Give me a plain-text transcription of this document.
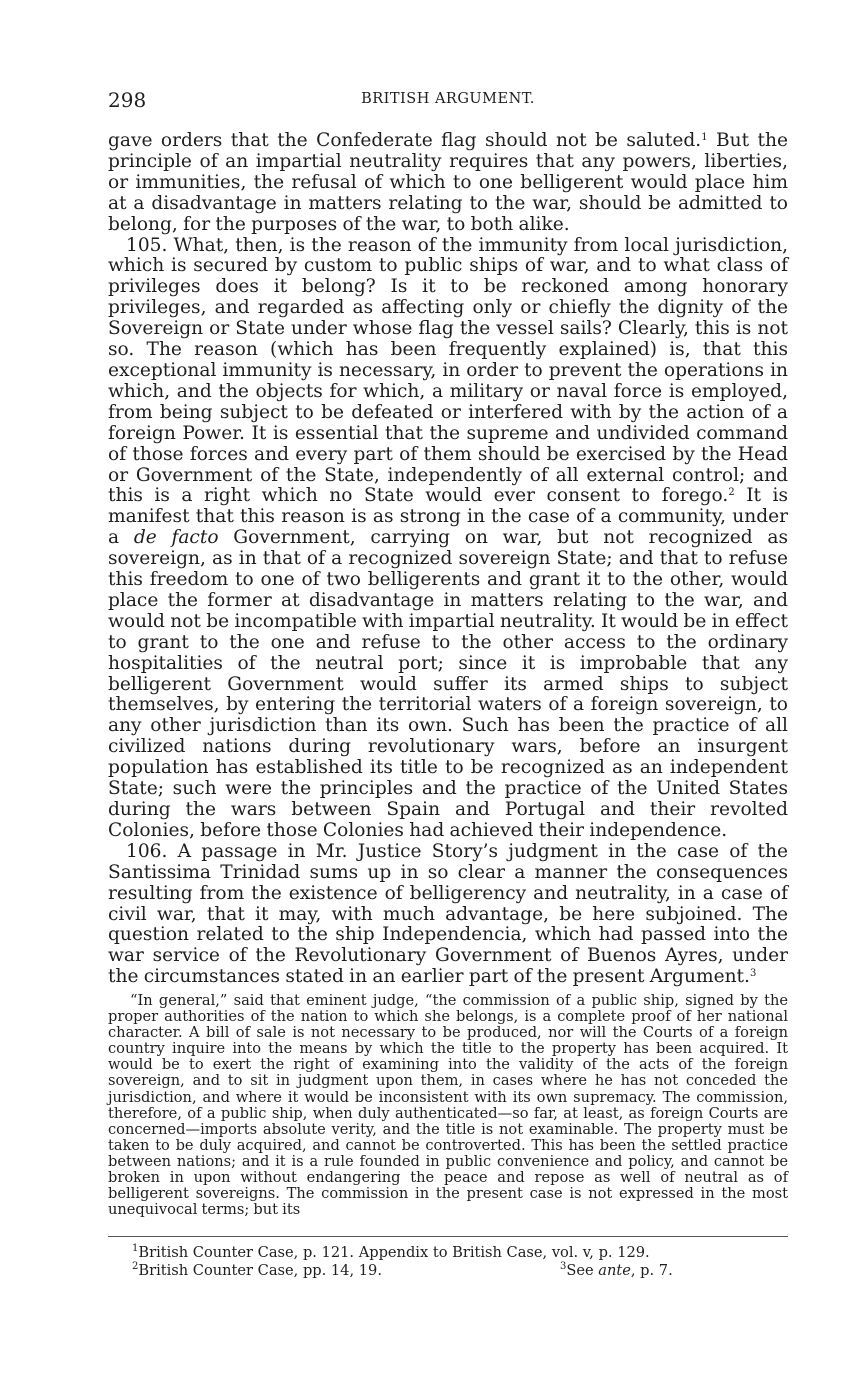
298	BRITISH ARGUMENT.

gave orders that the Confederate flag should not be saluted.$^1$ But the principle of an impartial neutrality requires that any powers, liberties, or immunities, the refusal of which to one belligerent would place him at a disadvantage in matters relating to the war, should be admitted to belong, for the purposes of the war, to both alike.

105. What, then, is the reason of the immunity from local jurisdiction, which is secured by custom to public ships of war, and to what class of privileges does it belong? Is it to be reckoned among honorary privileges, and regarded as affecting only or chiefly the dignity of the Sovereign or State under whose flag the vessel sails? Clearly, this is not so. The reason (which has been frequently explained) is, that this exceptional immunity is necessary, in order to prevent the operations in which, and the objects for which, a military or naval force is employed, from being subject to be defeated or interfered with by the action of a foreign Power. It is essential that the supreme and undivided command of those forces and every part of them should be exercised by the Head or Government of the State, independently of all external control; and this is a right which no State would ever consent to forego.$^2$ It is manifest that this reason is as strong in the case of a community, under a de facto Government, carrying on war, but not recognized as sovereign, as in that of a recognized sovereign State; and that to refuse this freedom to one of two belligerents and grant it to the other, would place the former at disadvantage in matters relating to the war, and would not be incompatible with impartial neutrality. It would be in effect to grant to the one and refuse to the other access to the ordinary hospitalities of the neutral port; since it is improbable that any belligerent Government would suffer its armed ships to subject themselves, by entering the territorial waters of a foreign sovereign, to any other jurisdiction than its own. Such has been the practice of all civilized nations during revolutionary wars, before an insurgent population has established its title to be recognized as an independent State; such were the principles and the practice of the United States during the wars between Spain and Portugal and their revolted Colonies, before those Colonies had achieved their independence.

106. A passage in Mr. Justice Story’s judgment in the case of the Santissima Trinidad sums up in so clear a manner the consequences resulting from the existence of belligerency and neutrality, in a case of civil war, that it may, with much advantage, be here subjoined. The question related to the ship Independencia, which had passed into the war service of the Revolutionary Government of Buenos Ayres, under the circumstances stated in an earlier part of the present Argument.$^3$

“In general,” said that eminent judge, “the commission of a public ship, signed by the proper authorities of the nation to which she belongs, is a complete proof of her national character. A bill of sale is not necessary to be produced, nor will the Courts of a foreign country inquire into the means by which the title to the property has been acquired. It would be to exert the right of examining into the validity of the acts of the foreign sovereign, and to sit in judgment upon them, in cases where he has not conceded the jurisdiction, and where it would be inconsistent with its own supremacy. The commission, therefore, of a public ship, when duly authenticated—so far, at least, as foreign Courts are concerned—imports absolute verity, and the title is not examinable. The property must be taken to be duly acquired, and cannot be controverted. This has been the settled practice between nations; and it is a rule founded in public convenience and policy, and cannot be broken in upon without endangering the peace and repose as well of neutral as of belligerent sovereigns. The commission in the present case is not expressed in the most unequivocal terms; but its

$^1$British Counter Case, p. 121. Appendix to British Case, vol. v, p. 129.
$^2$British Counter Case, pp. 14, 19.	$^3$See ante, p. 7.
